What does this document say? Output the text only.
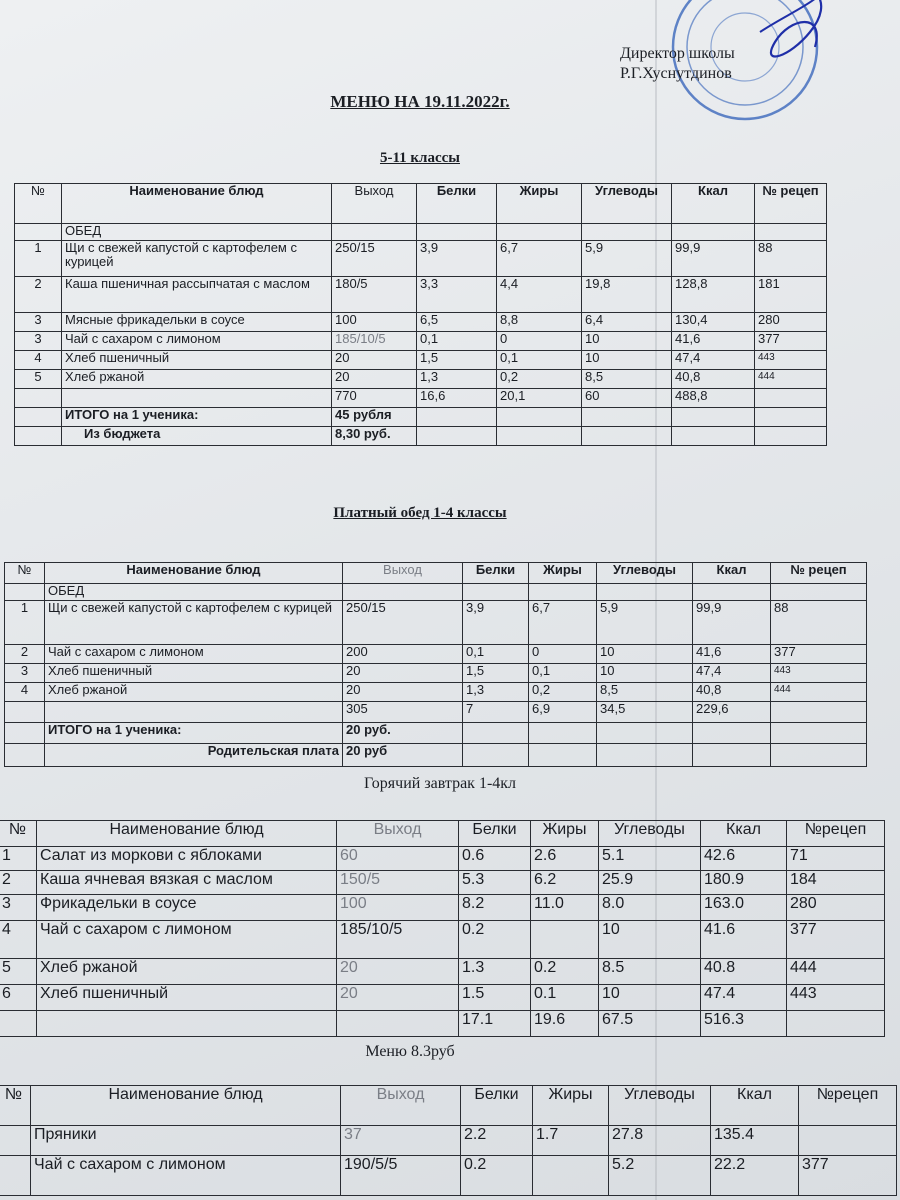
Директор школы
Р.Г.Хуснутдинов
МЕНЮ НА 19.11.2022г.
5-11 классы
№	Наименование блюд	Выход	Белки	Жиры	Углеводы	Ккал	№ рецеп
	ОБЕД						
1	Щи с свежей капустой с картофелем с курицей	250/15	3,9	6,7	5,9	99,9	88
2	Каша пшеничная рассыпчатая с маслом	180/5	3,3	4,4	19,8	128,8	181
3	Мясные фрикадельки в соусе	100	6,5	8,8	6,4	130,4	280
3	Чай с сахаром с лимоном	185/10/5	0,1	0	10	41,6	377
4	Хлеб пшеничный	20	1,5	0,1	10	47,4	443
5	Хлеб ржаной	20	1,3	0,2	8,5	40,8	444
		770	16,6	20,1	60	488,8	
	ИТОГО на 1 ученика:	45 рубля					
	Из бюджета	8,30 руб.					
Платный обед 1-4 классы
№	Наименование блюд	Выход	Белки	Жиры	Углеводы	Ккал	№ рецеп
	ОБЕД						
1	Щи с свежей капустой с картофелем с курицей	250/15	3,9	6,7	5,9	99,9	88
2	Чай с сахаром с лимоном	200	0,1	0	10	41,6	377
3	Хлеб пшеничный	20	1,5	0,1	10	47,4	443
4	Хлеб ржаной	20	1,3	0,2	8,5	40,8	444
		305	7	6,9	34,5	229,6	
	ИТОГО на 1 ученика:	20 руб.					
	Родительская плата	20 руб					
Горячий завтрак 1-4кл
№	Наименование блюд	Выход	Белки	Жиры	Углеводы	Ккал	№рецеп
1	Салат из моркови с яблоками	60	0.6	2.6	5.1	42.6	71
2	Каша ячневая вязкая с маслом	150/5	5.3	6.2	25.9	180.9	184
3	Фрикадельки в соусе	100	8.2	11.0	8.0	163.0	280
4	Чай с сахаром с лимоном	185/10/5	0.2		10	41.6	377
5	Хлеб ржаной	20	1.3	0.2	8.5	40.8	444
6	Хлеб пшеничный	20	1.5	0.1	10	47.4	443
			17.1	19.6	67.5	516.3	
Меню 8.3руб
№	Наименование блюд	Выход	Белки	Жиры	Углеводы	Ккал	№рецеп
	Пряники	37	2.2	1.7	27.8	135.4	
	Чай с сахаром с лимоном	190/5/5	0.2		5.2	22.2	377
